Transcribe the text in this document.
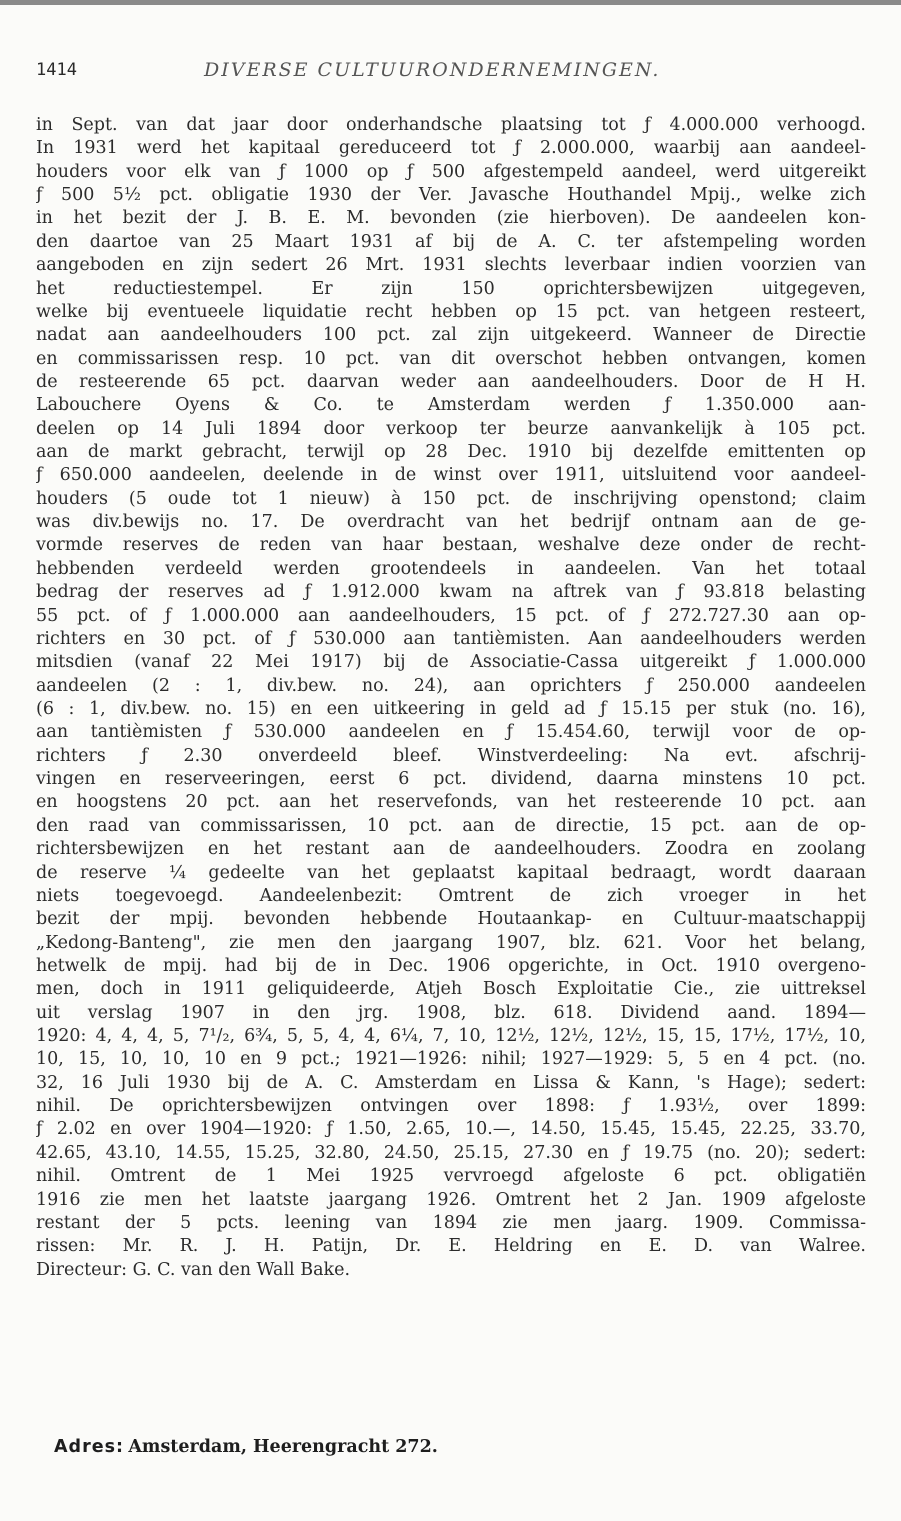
1414	DIVERSE CULTUURONDERNEMINGEN.
in Sept. van dat jaar door onderhandsche plaatsing tot ƒ 4.000.000 verhoogd.
In 1931 werd het kapitaal gereduceerd tot ƒ 2.000.000, waarbij aan aandeel-
houders voor elk van ƒ 1000 op ƒ 500 afgestempeld aandeel, werd uitgereikt
ƒ 500 5½ pct. obligatie 1930 der Ver. Javasche Houthandel Mpij., welke zich
in het bezit der J. B. E. M. bevonden (zie hierboven). De aandeelen kon-
den daartoe van 25 Maart 1931 af bij de A. C. ter afstempeling worden
aangeboden en zijn sedert 26 Mrt. 1931 slechts leverbaar indien voorzien van
het reductiestempel. Er zijn 150 oprichtersbewijzen uitgegeven,
welke bij eventueele liquidatie recht hebben op 15 pct. van hetgeen resteert,
nadat aan aandeelhouders 100 pct. zal zijn uitgekeerd. Wanneer de Directie
en commissarissen resp. 10 pct. van dit overschot hebben ontvangen, komen
de resteerende 65 pct. daarvan weder aan aandeelhouders. Door de H H.
Labouchere Oyens & Co. te Amsterdam werden ƒ 1.350.000 aan-
deelen op 14 Juli 1894 door verkoop ter beurze aanvankelijk à 105 pct.
aan de markt gebracht, terwijl op 28 Dec. 1910 bij dezelfde emittenten op
ƒ 650.000 aandeelen, deelende in de winst over 1911, uitsluitend voor aandeel-
houders (5 oude tot 1 nieuw) à 150 pct. de inschrijving openstond; claim
was div.bewijs no. 17. De overdracht van het bedrijf ontnam aan de ge-
vormde reserves de reden van haar bestaan, weshalve deze onder de recht-
hebbenden verdeeld werden grootendeels in aandeelen. Van het totaal
bedrag der reserves ad ƒ 1.912.000 kwam na aftrek van ƒ 93.818 belasting
55 pct. of ƒ 1.000.000 aan aandeelhouders, 15 pct. of ƒ 272.727.30 aan op-
richters en 30 pct. of ƒ 530.000 aan tantièmisten. Aan aandeelhouders werden
mitsdien (vanaf 22 Mei 1917) bij de Associatie-Cassa uitgereikt ƒ 1.000.000
aandeelen (2 : 1, div.bew. no. 24), aan oprichters ƒ 250.000 aandeelen
(6 : 1, div.bew. no. 15) en een uitkeering in geld ad ƒ 15.15 per stuk (no. 16),
aan tantièmisten ƒ 530.000 aandeelen en ƒ 15.454.60, terwijl voor de op-
richters ƒ 2.30 onverdeeld bleef. Winstverdeeling: Na evt. afschrij-
vingen en reserveeringen, eerst 6 pct. dividend, daarna minstens 10 pct.
en hoogstens 20 pct. aan het reservefonds, van het resteerende 10 pct. aan
den raad van commissarissen, 10 pct. aan de directie, 15 pct. aan de op-
richtersbewijzen en het restant aan de aandeelhouders. Zoodra en zoolang
de reserve ¼ gedeelte van het geplaatst kapitaal bedraagt, wordt daaraan
niets toegevoegd. Aandeelenbezit: Omtrent de zich vroeger in het
bezit der mpij. bevonden hebbende Houtaankap- en Cultuur-maatschappij
„Kedong-Banteng", zie men den jaargang 1907, blz. 621. Voor het belang,
hetwelk de mpij. had bij de in Dec. 1906 opgerichte, in Oct. 1910 overgeno-
men, doch in 1911 geliquideerde, Atjeh Bosch Exploitatie Cie., zie uittreksel
uit verslag 1907 in den jrg. 1908, blz. 618. Dividend aand. 1894—
1920: 4, 4, 4, 5, 7¹/₂, 6¾, 5, 5, 4, 4, 6¼, 7, 10, 12½, 12½, 12½, 15, 15, 17½, 17½, 10,
10, 15, 10, 10, 10 en 9 pct.; 1921—1926: nihil; 1927—1929: 5, 5 en 4 pct. (no.
32, 16 Juli 1930 bij de A. C. Amsterdam en Lissa & Kann, 's Hage); sedert:
nihil. De oprichtersbewijzen ontvingen over 1898: ƒ 1.93½, over 1899:
ƒ 2.02 en over 1904—1920: ƒ 1.50, 2.65, 10.—, 14.50, 15.45, 15.45, 22.25, 33.70,
42.65, 43.10, 14.55, 15.25, 32.80, 24.50, 25.15, 27.30 en ƒ 19.75 (no. 20); sedert:
nihil. Omtrent de 1 Mei 1925 vervroegd afgeloste 6 pct. obligatiën
1916 zie men het laatste jaargang 1926. Omtrent het 2 Jan. 1909 afgeloste
restant der 5 pcts. leening van 1894 zie men jaarg. 1909. Commissa-
rissen: Mr. R. J. H. Patijn, Dr. E. Heldring en E. D. van Walree.
Directeur: G. C. van den Wall Bake.
Adres: Amsterdam, Heerengracht 272.
